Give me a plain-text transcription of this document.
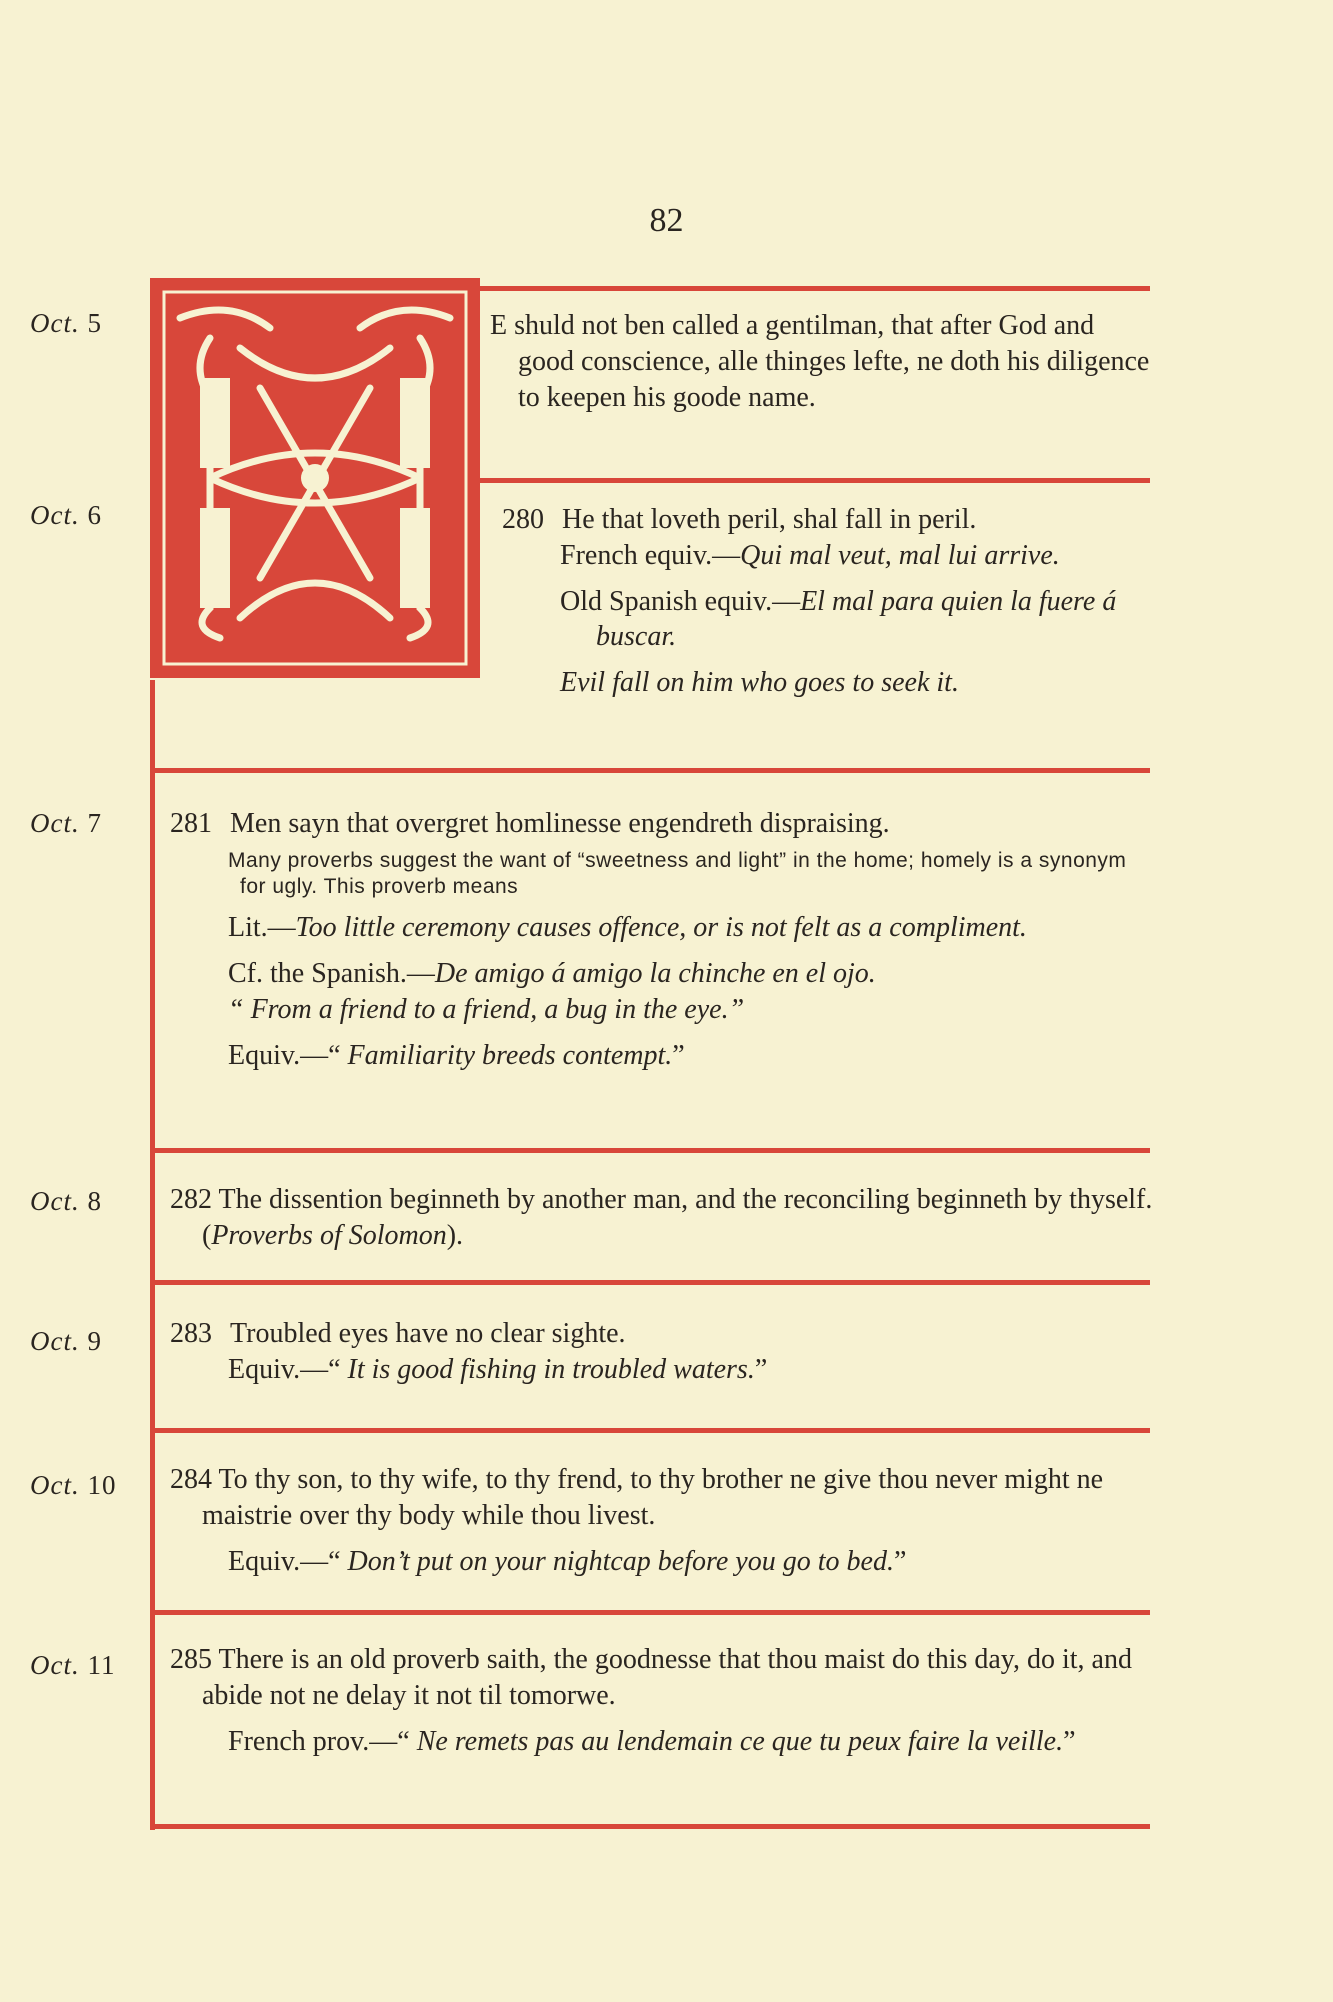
82
Oct. 5
Oct. 6
Oct. 7
Oct. 8
Oct. 9
Oct. 10
Oct. 11

E shuld not ben called a gentilman, that after God and good conscience, alle thinges lefte, ne doth his diligence to keepen his goode name.

280 He that loveth peril, shal fall in peril.

French equiv.—Qui mal veut, mal lui arrive.

Old Spanish equiv.—El mal para quien la fuere á buscar.

Evil fall on him who goes to seek it.

281 Men sayn that overgret homlinesse engendreth dispraising.

Many proverbs suggest the want of “sweetness and light” in the home; homely is a synonym for ugly. This proverb means

Lit.—Too little ceremony causes offence, or is not felt as a compliment.

Cf. the Spanish.—De amigo á amigo la chinche en el ojo.

“ From a friend to a friend, a bug in the eye.”

Equiv.—“ Familiarity breeds contempt.”

282 The dissention beginneth by another man, and the reconciling beginneth by thyself. (Proverbs of Solomon).

283 Troubled eyes have no clear sighte.

Equiv.—“ It is good fishing in troubled waters.”

284 To thy son, to thy wife, to thy frend, to thy brother ne give thou never might ne maistrie over thy body while thou livest.

Equiv.—“ Don’t put on your nightcap before you go to bed.”

285 There is an old proverb saith, the goodnesse that thou maist do this day, do it, and abide not ne delay it not til tomorwe.

French prov.—“ Ne remets pas au lendemain ce que tu peux faire la veille.”
